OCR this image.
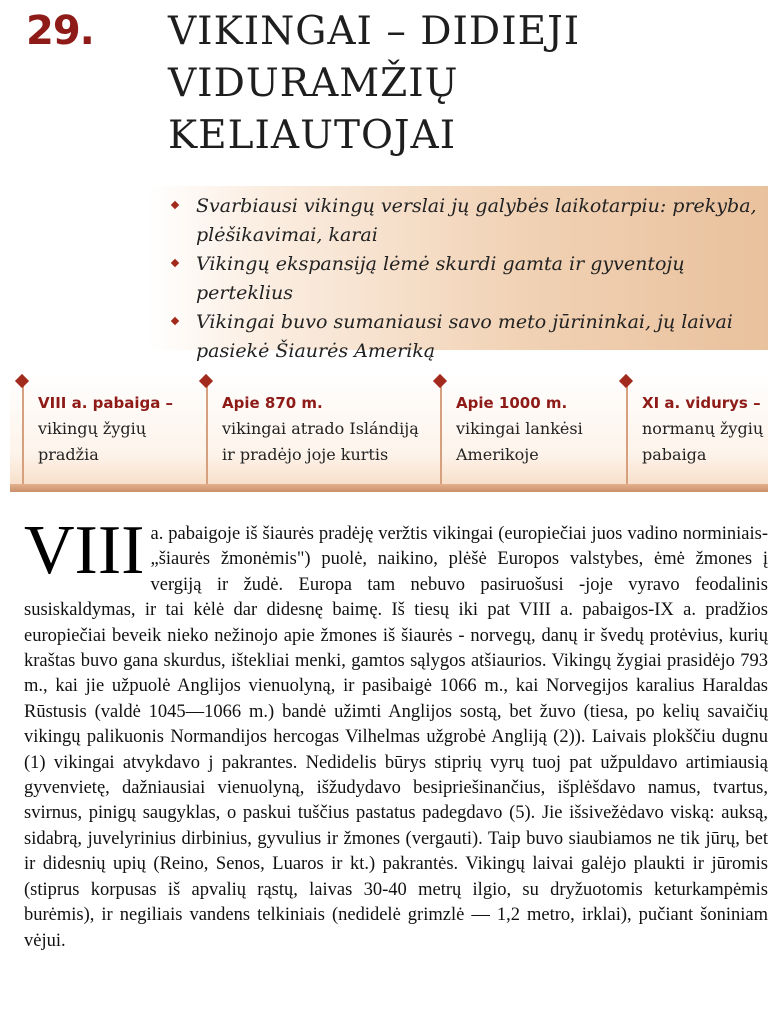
29. VIKINGAI – DIDIEJI
VIDURAMŽIŲ
KELIAUTOJAI
Svarbiausi vikingų verslai jų galybės laikotarpiu: prekyba, plėšikavimai, karai
Vikingų ekspansiją lėmė skurdi gamta ir gyventojų perteklius
Vikingai buvo sumaniausi savo meto jūrininkai, jų laivai pasiekė Šiaurės Ameriką
VIII a. pabaiga –
vikingų žygių pradžia
Apie 870 m.
vikingai atrado Islándiją ir pradėjo joje kurtis
Apie 1000 m.
vikingai lankėsi Amerikoje
XI a. vidurys –
normanų žygių pabaiga
VIII a. pabaigoje iš šiaurės pradėję veržtis vikingai (europiečiai juos vadino norminiais- „šiaurės žmonėmis") puolė, naikino, plėšė Europos valstybes, ėmė žmones į vergiją ir žudė. Europa tam nebuvo pasiruošusi -joje vyravo feodalinis susiskaldymas, ir tai kėlė dar didesnę baimę. Iš tiesų iki pat VIII a. pabaigos-IX a. pradžios europiečiai beveik nieko nežinojo apie žmones iš šiaurės - norvegų, danų ir švedų protėvius, kurių kraštas buvo gana skurdus, ištekliai menki, gamtos sąlygos atšiaurios. Vikingų žygiai prasidėjo 793 m., kai jie užpuolė Anglijos vienuolyną, ir pasibaigė 1066 m., kai Norvegijos karalius Haraldas Rūstusis (valdė 1045—1066 m.) bandė užimti Anglijos sostą, bet žuvo (tiesa, po kelių savaičių vikingų palikuonis Normandijos hercogas Vilhelmas užgrobė Angliją (2)). Laivais plokščiu dugnu (1) vikingai atvykdavo j pakrantes. Nedidelis būrys stiprių vyrų tuoj pat užpuldavo artimiausią gyvenvietę, dažniausiai vienuolyną, išžudydavo besipriešinančius, išplėšdavo namus, tvartus, svirnus, pinigų saugyklas, o paskui tuščius pastatus padegdavo (5). Jie išsivežėdavo viską: auksą, sidabrą, juvelyrinius dirbinius, gyvulius ir žmones (vergauti). Taip buvo siaubiamos ne tik jūrų, bet ir didesnių upių (Reino, Senos, Luaros ir kt.) pakrantės. Vikingų laivai galėjo plaukti ir jūromis (stiprus korpusas iš apvalių rąstų, laivas 30-40 metrų ilgio, su dryžuotomis keturkampėmis burėmis), ir negiliais vandens telkiniais (nedidelė grimzlė — 1,2 metro, irklai), pučiant šoniniam vėjui.
